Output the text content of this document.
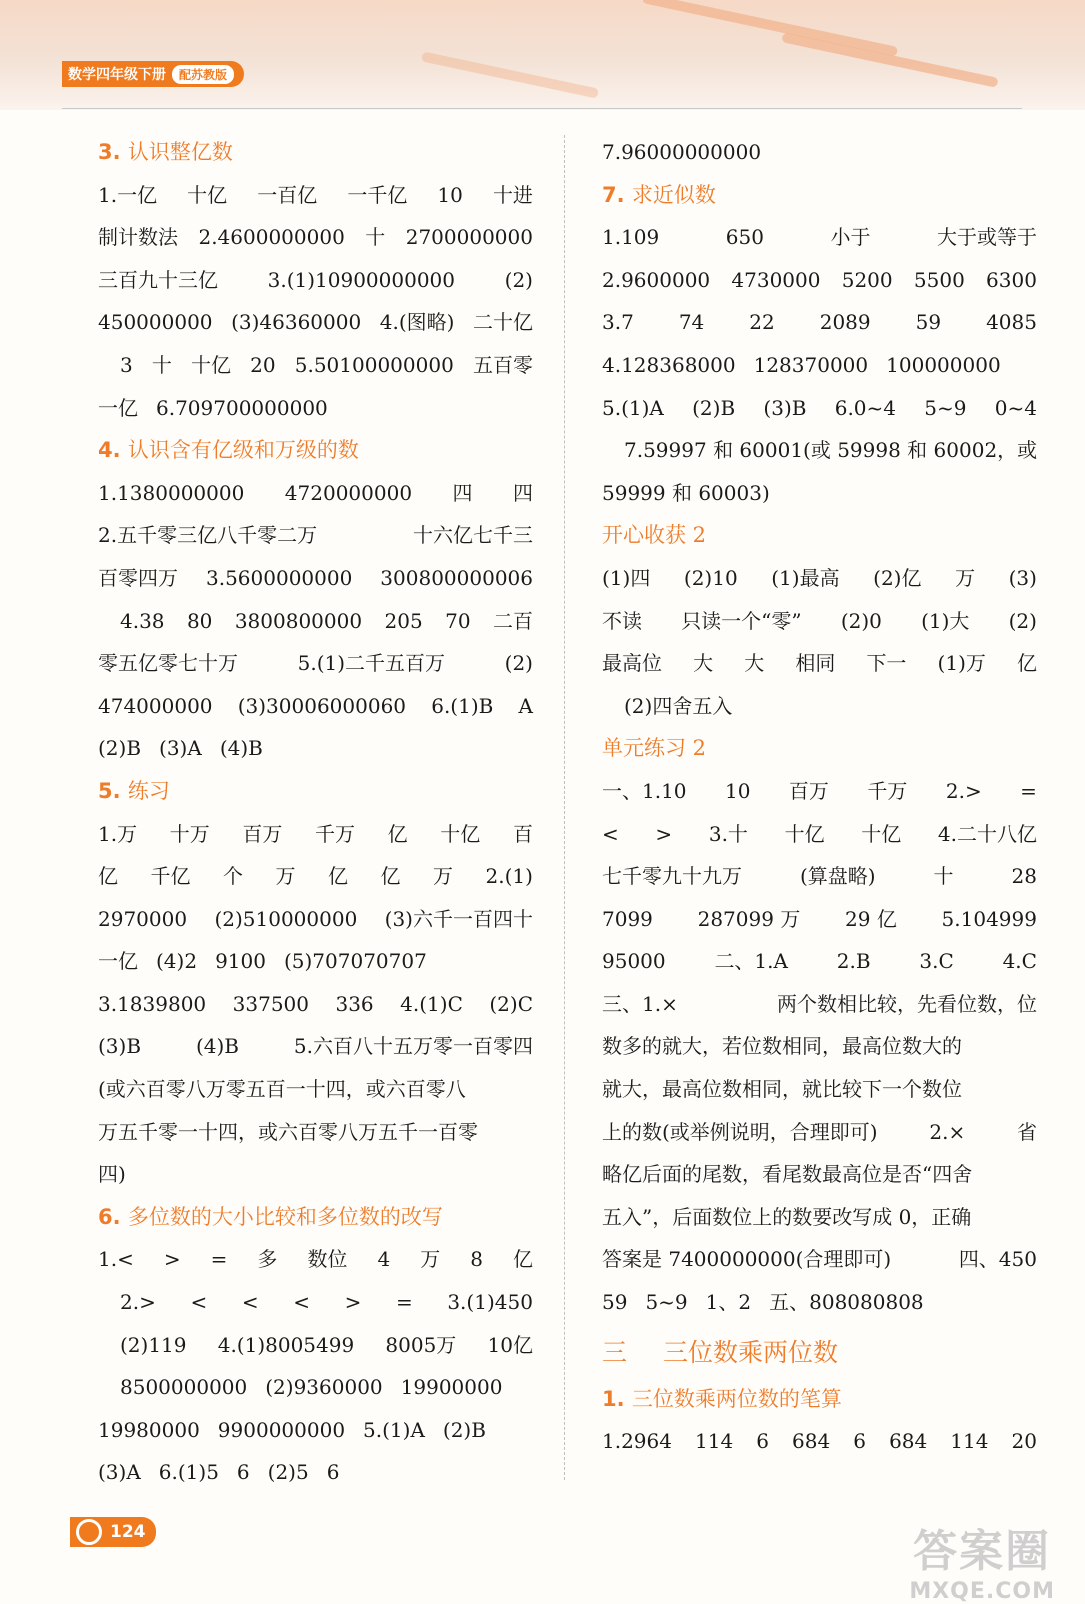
数学四年级下册	配苏教版
3. 认识整亿数
1.一亿 十亿 一百亿 一千亿 10 十进
制计数法 2.4600000000 十 2700000000
三百九十三亿 3.(1)10900000000 (2)
450000000 (3)46360000 4.(图略) 二十亿
3 十 十亿 20 5.50100000000 五百零
一亿 6.709700000000
4. 认识含有亿级和万级的数
1.1380000000 4720000000 四 四
2.五千零三亿八千零二万	十六亿七千三
百零四万 3.5600000000 300800000006
4.38 80 3800800000 205 70 二百
零五亿零七十万	5.(1)二千五百万	(2)
474000000 (3)30006000060 6.(1)B A
(2)B (3)A (4)B
5. 练习
1.万 十万 百万 千万 亿 十亿 百
亿 千亿 个 万 亿 亿 万 2.(1)
2970000 (2)510000000 (3)六千一百四十
一亿 (4)2 9100 (5)707070707
3.1839800 337500 336 4.(1)C (2)C
(3)B	(4)B	5.六百八十五万零一百零四
(或六百零八万零五百一十四，或六百零八
万五千零一十四，或六百零八万五千一百零
四)
6. 多位数的大小比较和多位数的改写
1.< > = 多 数位 4 万 8 亿
2.> < < < > = 3.(1)450
(2)119 4.(1)8005499 8005万 10亿
8500000000 (2)9360000 19900000
19980000 9900000000 5.(1)A (2)B
(3)A 6.(1)5 6 (2)5 6
7.96000000000
7. 求近似数
1.109	650	小于	大于或等于
2.9600000 4730000 5200 5500 6300
3.7 74 22 2089 59 4085
4.128368000 128370000 100000000
5.(1)A (2)B (3)B 6.0~4 5~9 0~4
7.59997 和 60001(或 59998 和 60002，或
59999 和 60003)
开心收获 2
(1)四 (2)10 (1)最高 (2)亿 万 (3)
不读 只读一个“零” (2)0 (1)大 (2)
最高位 大 大 相同 下一 (1)万 亿
(2)四舍五入
单元练习 2
一、1.10 10 百万 千万 2.> =
< > 3.十 十亿 十亿 4.二十八亿
七千零九十九万	(算盘略)	十	28
7099 287099 万 29 亿 5.104999
95000 二、1.A 2.B 3.C 4.C
三、1.×	两个数相比较，先看位数，位
数多的就大，若位数相同，最高位数大的
就大，最高位数相同，就比较下一个数位
上的数(或举例说明，合理即可)	2.×	省
略亿后面的尾数，看尾数最高位是否“四舍
五入”，后面数位上的数要改写成 0，正确
答案是 7400000000(合理即可)	四、450
59 5~9 1、2 五、808080808
三 三位数乘两位数
1. 三位数乘两位数的笔算
1.2964 114 6 684 6 684 114 20
124	答案圈
MXQE.COM
